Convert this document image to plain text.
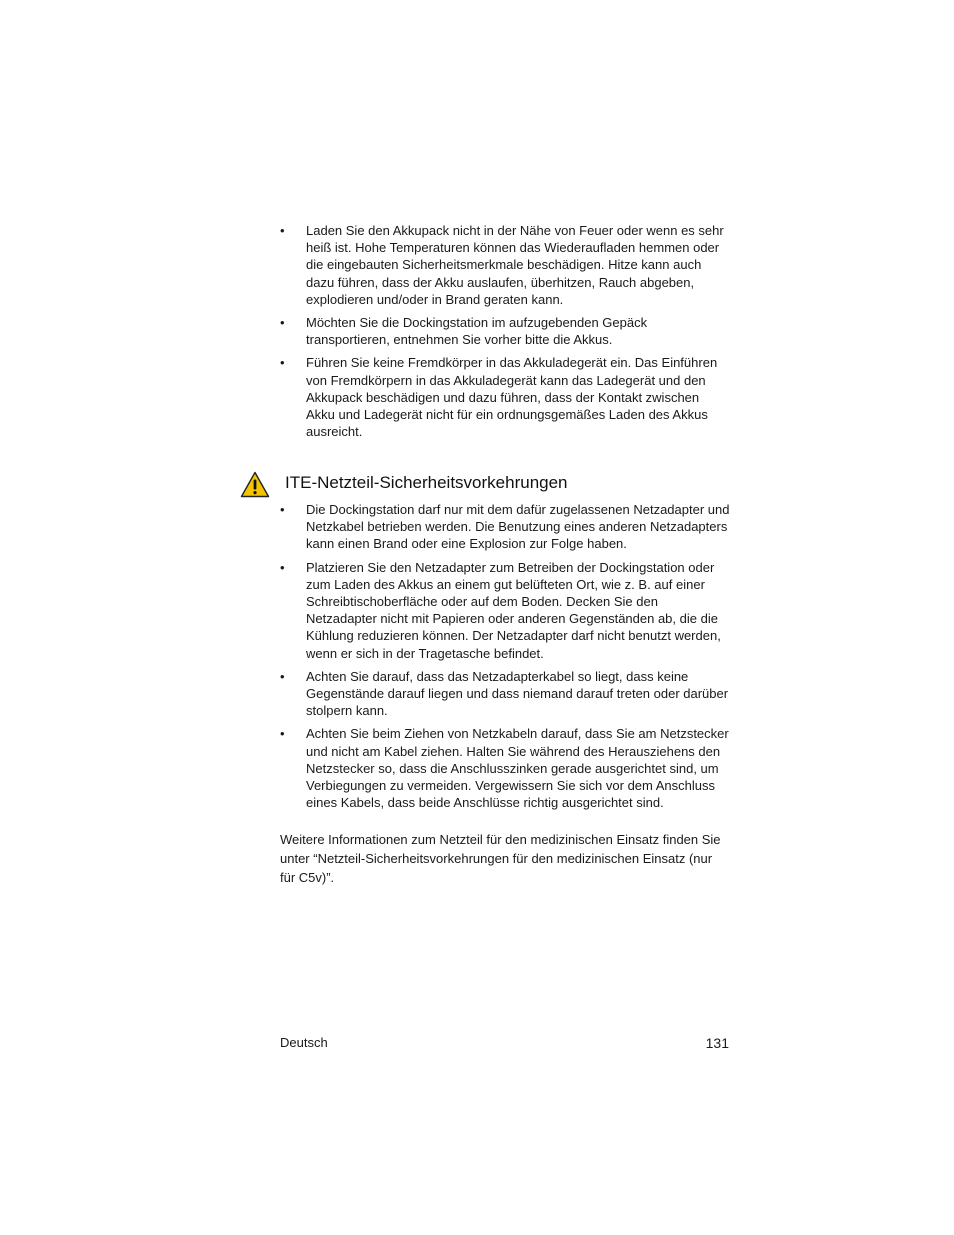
•	Laden Sie den Akkupack nicht in der Nähe von Feuer oder wenn es sehr heiß ist. Hohe Temperaturen können das Wiederaufladen hemmen oder die eingebauten Sicherheitsmerkmale beschädigen. Hitze kann auch dazu führen, dass der Akku auslaufen, überhitzen, Rauch abgeben, explodieren und/oder in Brand geraten kann.
•	Möchten Sie die Dockingstation im aufzugebenden Gepäck transportieren, entnehmen Sie vorher bitte die Akkus.
•	Führen Sie keine Fremdkörper in das Akkuladegerät ein. Das Einführen von Fremdkörpern in das Akkuladegerät kann das Ladegerät und den Akkupack beschädigen und dazu führen, dass der Kontakt zwischen Akku und Ladegerät nicht für ein ordnungsgemäßes Laden des Akkus ausreicht.
ITE-Netzteil-Sicherheitsvorkehrungen
•	Die Dockingstation darf nur mit dem dafür zugelassenen Netzadapter und Netzkabel betrieben werden. Die Benutzung eines anderen Netzadapters kann einen Brand oder eine Explosion zur Folge haben.
•	Platzieren Sie den Netzadapter zum Betreiben der Dockingstation oder zum Laden des Akkus an einem gut belüfteten Ort, wie z. B. auf einer Schreibtischoberfläche oder auf dem Boden. Decken Sie den Netzadapter nicht mit Papieren oder anderen Gegenständen ab, die die Kühlung reduzieren können. Der Netzadapter darf nicht benutzt werden, wenn er sich in der Tragetasche befindet.
•	Achten Sie darauf, dass das Netzadapterkabel so liegt, dass keine Gegenstände darauf liegen und dass niemand darauf treten oder darüber stolpern kann.
•	Achten Sie beim Ziehen von Netzkabeln darauf, dass Sie am Netzstecker und nicht am Kabel ziehen. Halten Sie während des Herausziehens den Netzstecker so, dass die Anschlusszinken gerade ausgerichtet sind, um Verbiegungen zu vermeiden. Vergewissern Sie sich vor dem Anschluss eines Kabels, dass beide Anschlüsse richtig ausgerichtet sind.

Weitere Informationen zum Netzteil für den medizinischen Einsatz finden Sie unter “Netzteil-Sicherheitsvorkehrungen für den medizinischen Einsatz (nur für C5v)”.

Deutsch	131
